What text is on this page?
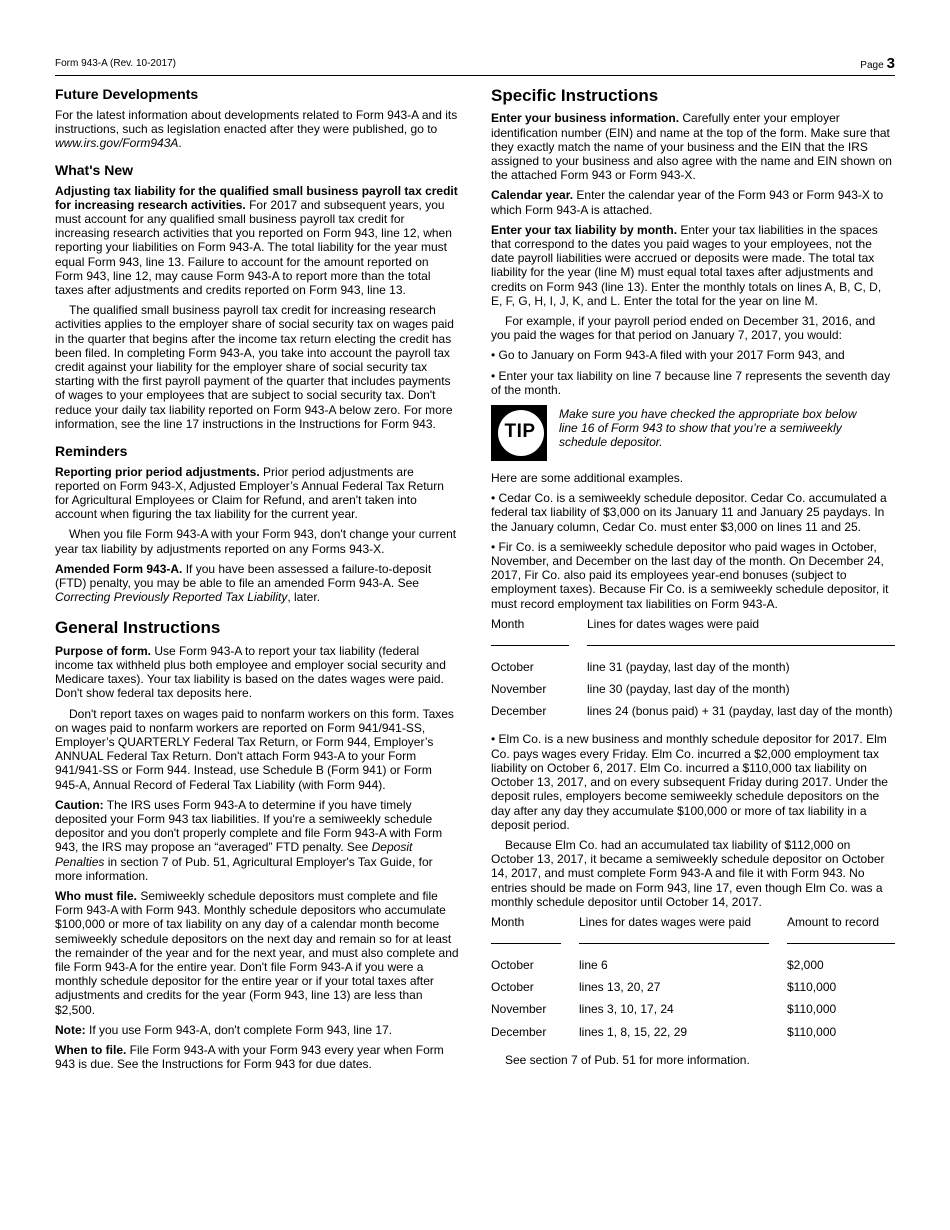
Form 943-A (Rev. 10-2017)	Page 3
Future Developments

For the latest information about developments related to Form 943-A and its instructions, such as legislation enacted after they were published, go to www.irs.gov/Form943A.

What's New

Adjusting tax liability for the qualified small business payroll tax credit for increasing research activities. For 2017 and subsequent years, you must account for any qualified small business payroll tax credit for increasing research activities that you reported on Form 943, line 12, when reporting your liabilities on Form 943-A. The total liability for the year must equal Form 943, line 13. Failure to account for the amount reported on Form 943, line 12, may cause Form 943-A to report more than the total taxes after adjustments and credits reported on Form 943, line 13.

The qualified small business payroll tax credit for increasing research activities applies to the employer share of social security tax on wages paid in the quarter that begins after the income tax return electing the credit has been filed. In completing Form 943-A, you take into account the payroll tax credit against your liability for the employer share of social security tax starting with the first payroll payment of the quarter that includes payments of wages to your employees that are subject to social security tax. Don't reduce your daily tax liability reported on Form 943-A below zero. For more information, see the line 17 instructions in the Instructions for Form 943.

Reminders

Reporting prior period adjustments. Prior period adjustments are reported on Form 943-X, Adjusted Employer’s Annual Federal Tax Return for Agricultural Employees or Claim for Refund, and aren't taken into account when figuring the tax liability for the current year.

When you file Form 943-A with your Form 943, don't change your current year tax liability by adjustments reported on any Forms 943-X.

Amended Form 943-A. If you have been assessed a failure-to-deposit (FTD) penalty, you may be able to file an amended Form 943-A. See Correcting Previously Reported Tax Liability, later.

General Instructions

Purpose of form. Use Form 943-A to report your tax liability (federal income tax withheld plus both employee and employer social security and Medicare taxes). Your tax liability is based on the dates wages were paid. Don't show federal tax deposits here.

Don't report taxes on wages paid to nonfarm workers on this form. Taxes on wages paid to nonfarm workers are reported on Form 941/941-SS, Employer’s QUARTERLY Federal Tax Return, or Form 944, Employer’s ANNUAL Federal Tax Return. Don't attach Form 943-A to your Form 941/941-SS or Form 944. Instead, use Schedule B (Form 941) or Form 945-A, Annual Record of Federal Tax Liability (with Form 944).

Caution: The IRS uses Form 943-A to determine if you have timely deposited your Form 943 tax liabilities. If you're a semiweekly schedule depositor and you don't properly complete and file Form 943-A with Form 943, the IRS may propose an “averaged” FTD penalty. See Deposit Penalties in section 7 of Pub. 51, Agricultural Employer's Tax Guide, for more information.

Who must file. Semiweekly schedule depositors must complete and file Form 943-A with Form 943. Monthly schedule depositors who accumulate $100,000 or more of tax liability on any day of a calendar month become semiweekly schedule depositors on the next day and remain so for at least the remainder of the year and for the next year, and must also complete and file Form 943-A for the entire year. Don't file Form 943-A if you were a monthly schedule depositor for the entire year or if your total taxes after adjustments and credits for the year (Form 943, line 13) are less than $2,500.

Note: If you use Form 943-A, don't complete Form 943, line 17.

When to file. File Form 943-A with your Form 943 every year when Form 943 is due. See the Instructions for Form 943 for due dates.

Specific Instructions

Enter your business information. Carefully enter your employer identification number (EIN) and name at the top of the form. Make sure that they exactly match the name of your business and the EIN that the IRS assigned to your business and also agree with the name and EIN shown on the attached Form 943 or Form 943-X.

Calendar year. Enter the calendar year of the Form 943 or Form 943-X to which Form 943-A is attached.

Enter your tax liability by month. Enter your tax liabilities in the spaces that correspond to the dates you paid wages to your employees, not the date payroll liabilities were accrued or deposits were made. The total tax liability for the year (line M) must equal total taxes after adjustments and credits on Form 943 (line 13). Enter the monthly totals on lines A, B, C, D, E, F, G, H, I, J, K, and L. Enter the total for the year on line M.

For example, if your payroll period ended on December 31, 2016, and you paid the wages for that period on January 7, 2017, you would:

• Go to January on Form 943-A filed with your 2017 Form 943, and

• Enter your tax liability on line 7 because line 7 represents the seventh day of the month.

TIP
Make sure you have checked the appropriate box below line 16 of Form 943 to show that you’re a semiweekly schedule depositor.

Here are some additional examples.

• Cedar Co. is a semiweekly schedule depositor. Cedar Co. accumulated a federal tax liability of $3,000 on its January 11 and January 25 paydays. In the January column, Cedar Co. must enter $3,000 on lines 11 and 25.

• Fir Co. is a semiweekly schedule depositor who paid wages in October, November, and December on the last day of the month. On December 24, 2017, Fir Co. also paid its employees year-end bonuses (subject to employment taxes). Because Fir Co. is a semiweekly schedule depositor, it must record employment tax liabilities on Form 943-A.

Month	Lines for dates wages were paid

October	line 31 (payday, last day of the month)
November	line 30 (payday, last day of the month)
December	lines 24 (bonus paid) + 31 (payday, last day of the month)

• Elm Co. is a new business and monthly schedule depositor for 2017. Elm Co. pays wages every Friday. Elm Co. incurred a $2,000 employment tax liability on October 6, 2017. Elm Co. incurred a $110,000 tax liability on October 13, 2017, and on every subsequent Friday during 2017. Under the deposit rules, employers become semiweekly schedule depositors on the day after any day they accumulate $100,000 or more of tax liability in a deposit period.

Because Elm Co. had an accumulated tax liability of $112,000 on October 13, 2017, it became a semiweekly schedule depositor on October 14, 2017, and must complete Form 943-A and file it with Form 943. No entries should be made on Form 943, line 17, even though Elm Co. was a monthly schedule depositor until October 14, 2017.

Month	Lines for dates wages were paid	Amount to record

October	line 6	$2,000
October	lines 13, 20, 27	$110,000
November	lines 3, 10, 17, 24	$110,000
December	lines 1, 8, 15, 22, 29	$110,000

See section 7 of Pub. 51 for more information.
